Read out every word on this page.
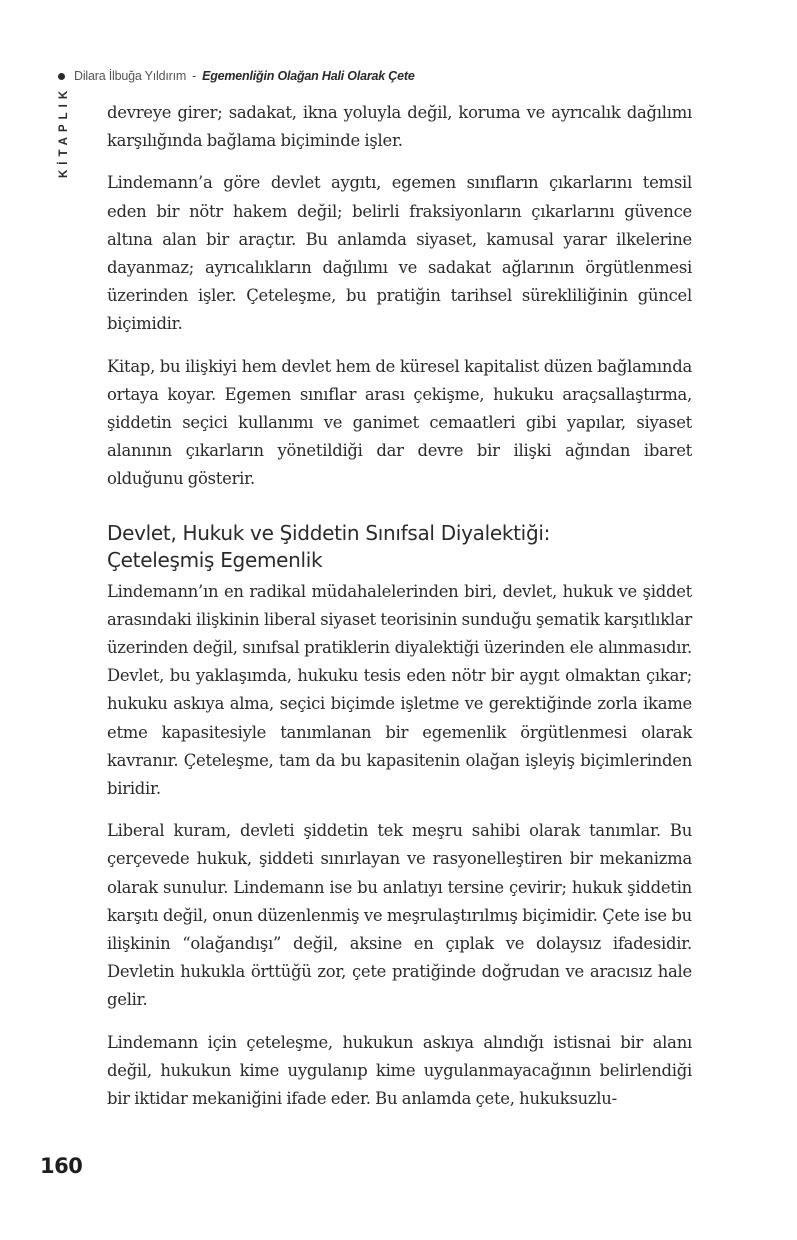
Dilara İlbuğa Yıldırım - Egemenliğin Olağan Hali Olarak Çete
KİTAPLIK devreye girer; sadakat, ikna yoluyla değil, koruma ve ayrıcalık dağılımı karşılığında bağlama biçiminde işler.

Lindemann’a göre devlet aygıtı, egemen sınıfların çıkarlarını temsil eden bir nötr hakem değil; belirli fraksiyonların çıkarlarını güvence altına alan bir araçtır. Bu anlamda siyaset, kamusal yarar ilkelerine dayanmaz; ayrıcalıkların dağılımı ve sadakat ağlarının örgütlenmesi üzerinden işler. Çeteleşme, bu pratiğin tarihsel sürekliliğinin güncel biçimidir.

Kitap, bu ilişkiyi hem devlet hem de küresel kapitalist düzen bağlamında ortaya koyar. Egemen sınıflar arası çekişme, hukuku araçsallaştırma, şiddetin seçici kullanımı ve ganimet cemaatleri gibi yapılar, siyaset alanının çıkarların yönetildiği dar devre bir ilişki ağından ibaret olduğunu gösterir.

Devlet, Hukuk ve Şiddetin Sınıfsal Diyalektiği:
Çeteleşmiş Egemenlik

Lindemann’ın en radikal müdahalelerinden biri, devlet, hukuk ve şiddet arasındaki ilişkinin liberal siyaset teorisinin sunduğu şematik karşıtlıklar üzerinden değil, sınıfsal pratiklerin diyalektiği üzerinden ele alınmasıdır. Devlet, bu yaklaşımda, hukuku tesis eden nötr bir aygıt olmaktan çıkar; hukuku askıya alma, seçici biçimde işletme ve gerektiğinde zorla ikame etme kapasitesiyle tanımlanan bir egemenlik örgütlenmesi olarak kavranır. Çeteleşme, tam da bu kapasitenin olağan işleyiş biçimlerinden biridir.

Liberal kuram, devleti şiddetin tek meşru sahibi olarak tanımlar. Bu çerçevede hukuk, şiddeti sınırlayan ve rasyonelleştiren bir mekanizma olarak sunulur. Lindemann ise bu anlatıyı tersine çevirir; hukuk şiddetin karşıtı değil, onun düzenlenmiş ve meşrulaştırılmış biçimidir. Çete ise bu ilişkinin “olağandışı” değil, aksine en çıplak ve dolaysız ifadesidir. Devletin hukukla örttüğü zor, çete pratiğinde doğrudan ve aracısız hale gelir.

Lindemann için çeteleşme, hukukun askıya alındığı istisnai bir alanı değil, hukukun kime uygulanıp kime uygulanmayacağının belirlendiği bir iktidar mekaniğini ifade eder. Bu anlamda çete, hukuksuzlu-

160
